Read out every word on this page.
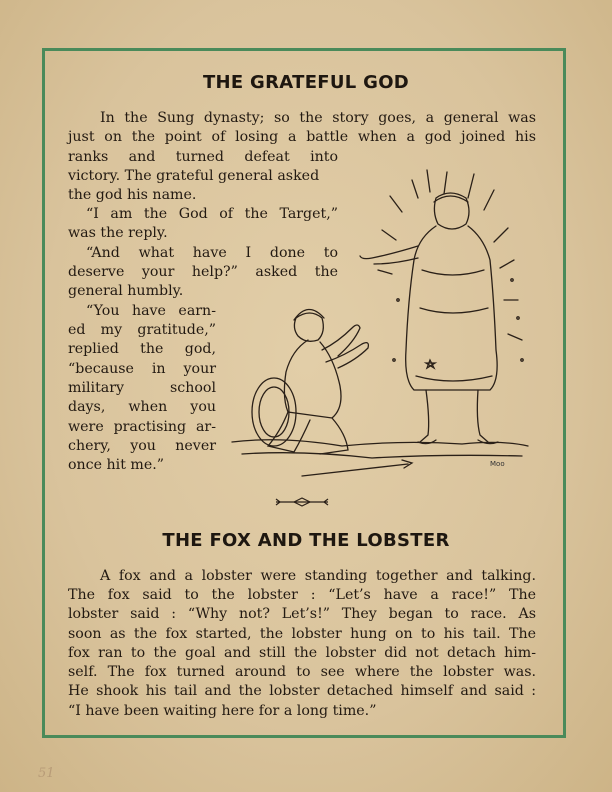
THE GRATEFUL GOD
In the Sung dynasty; so the story goes, a general was
just on the point of losing a battle when a god joined his
ranks and turned defeat into
victory. The grateful general asked
the god his name.
“I am the God of the Target,”
was the reply.
“And what have I done to
deserve your help?” asked the
general humbly.
“You have earn-
ed my gratitude,”
replied the god,
“because in your
military school
days, when you
were practising ar-
chery, you never
once hit me.”	Moo
THE FOX AND THE LOBSTER
A fox and a lobster were standing together and talking.
The fox said to the lobster : “Let’s have a race!” The
lobster said : “Why not? Let’s!” They began to race. As
soon as the fox started, the lobster hung on to his tail. The
fox ran to the goal and still the lobster did not detach him-
self. The fox turned around to see where the lobster was.
He shook his tail and the lobster detached himself and said :
“I have been waiting here for a long time.”
51
